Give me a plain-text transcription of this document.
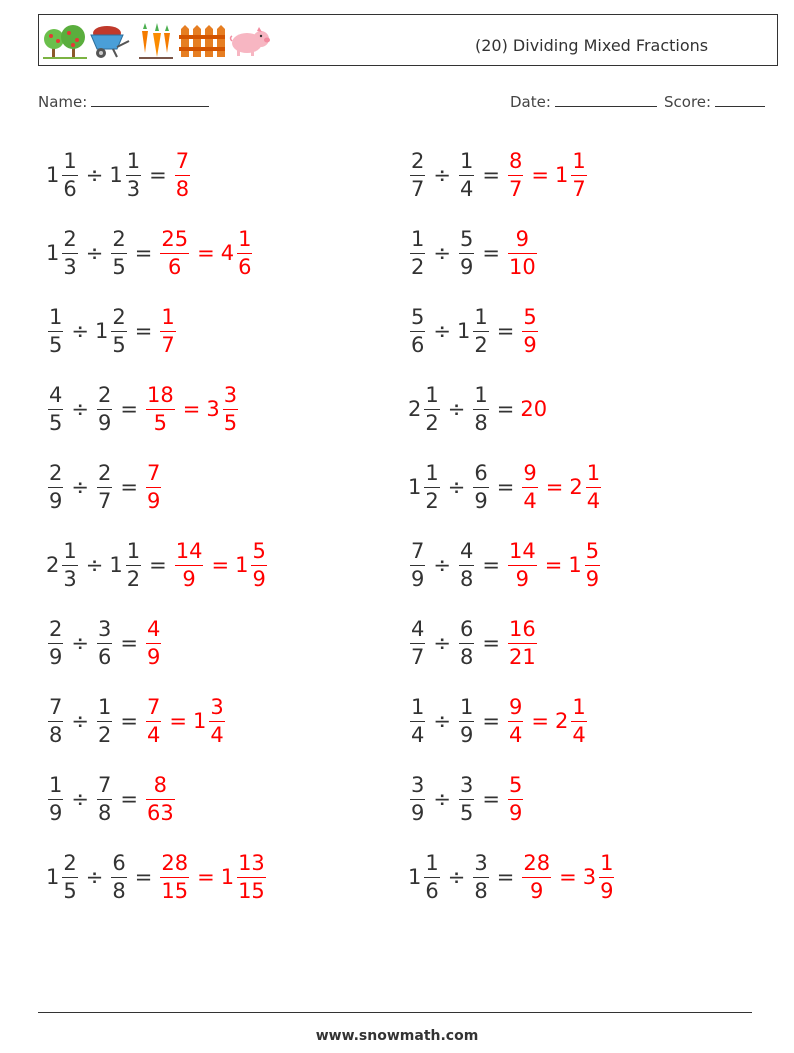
(20) Dividing Mixed Fractions
Name:	Date:	Score:
$1 \frac{1}{6} \div 1 \frac{1}{3} = \frac{7}{8}$	$\frac{2}{7} \div \frac{1}{4} = \frac{8}{7} = 1 \frac{1}{7}$
$1 \frac{2}{3} \div \frac{2}{5} = \frac{25}{6} = 4 \frac{1}{6}$	$\frac{1}{2} \div \frac{5}{9} = \frac{9}{10}$
$\frac{1}{5} \div 1 \frac{2}{5} = \frac{1}{7}$	$\frac{5}{6} \div 1 \frac{1}{2} = \frac{5}{9}$
$\frac{4}{5} \div \frac{2}{9} = \frac{18}{5} = 3 \frac{3}{5}$	$2 \frac{1}{2} \div \frac{1}{8} = 20$
$\frac{2}{9} \div \frac{2}{7} = \frac{7}{9}$	$1 \frac{1}{2} \div \frac{6}{9} = \frac{9}{4} = 2 \frac{1}{4}$
$2 \frac{1}{3} \div 1 \frac{1}{2} = \frac{14}{9} = 1 \frac{5}{9}$	$\frac{7}{9} \div \frac{4}{8} = \frac{14}{9} = 1 \frac{5}{9}$
$\frac{2}{9} \div \frac{3}{6} = \frac{4}{9}$	$\frac{4}{7} \div \frac{6}{8} = \frac{16}{21}$
$\frac{7}{8} \div \frac{1}{2} = \frac{7}{4} = 1 \frac{3}{4}$	$\frac{1}{4} \div \frac{1}{9} = \frac{9}{4} = 2 \frac{1}{4}$
$\frac{1}{9} \div \frac{7}{8} = \frac{8}{63}$	$\frac{3}{9} \div \frac{3}{5} = \frac{5}{9}$
$1 \frac{2}{5} \div \frac{6}{8} = \frac{28}{15} = 1 \frac{13}{15}$	$1 \frac{1}{6} \div \frac{3}{8} = \frac{28}{9} = 3 \frac{1}{9}$
www.snowmath.com
